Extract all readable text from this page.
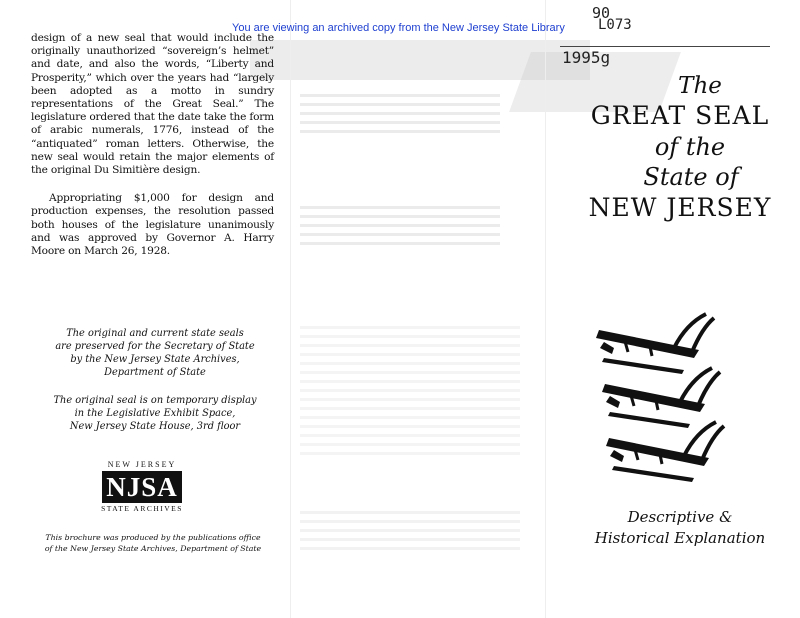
You are viewing an archived copy from the New Jersey State Library
90
L073
1995g

design of a new seal that would include the originally unauthorized “sovereign’s helmet” and date, and also the words, “Liberty and Prosperity,” which over the years had “largely been adopted as a motto in sundry representations of the Great Seal.” The legislature ordered that the date take the form of arabic numerals, 1776, instead of the “antiquated” roman letters. Otherwise, the new seal would retain the major elements of the original Du Simitière design.

Appropriating $1,000 for design and production expenses, the resolution passed both houses of the legislature unanimously and was approved by Governor A. Harry Moore on March 26, 1928.

The original and current state seals
are preserved for the Secretary of State
by the New Jersey State Archives,
Department of State
The original seal is on temporary display
in the Legislative Exhibit Space,
New Jersey State House, 3rd floor
NEW JERSEY
NJSA
STATE ARCHIVES
This brochure was produced by the publications office
of the New Jersey State Archives, Department of State
The
GREAT SEAL
of the
State of
NEW JERSEY
Descriptive &
Historical Explanation
